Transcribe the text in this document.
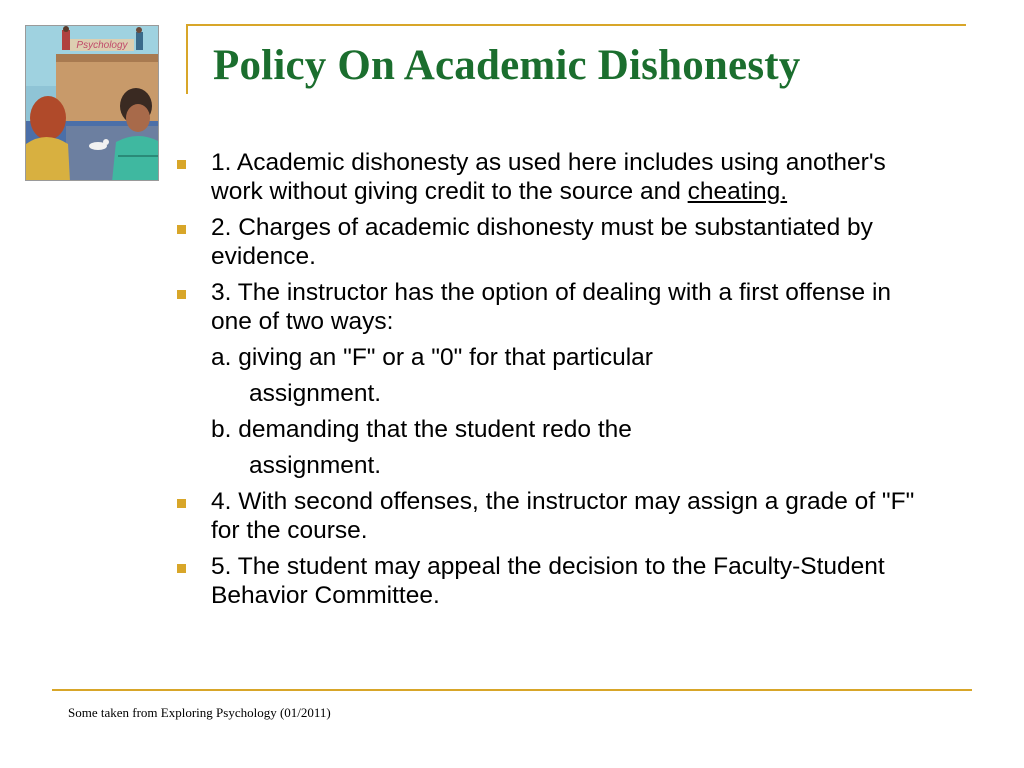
Psychology Policy On Academic Dishonesty
1. Academic dishonesty as used here includes using another's work without giving credit to the source and cheating.
2. Charges of academic dishonesty must be substantiated by evidence.
3. The instructor has the option of dealing with a first offense in one of two ways:
a. giving an "F" or a "0" for that particular
assignment.
b. demanding that the student redo the
assignment.
4. With second offenses, the instructor may assign a grade of "F" for the course.
5. The student may appeal the decision to the Faculty-Student Behavior Committee.
Some taken from Exploring Psychology (01/2011)
